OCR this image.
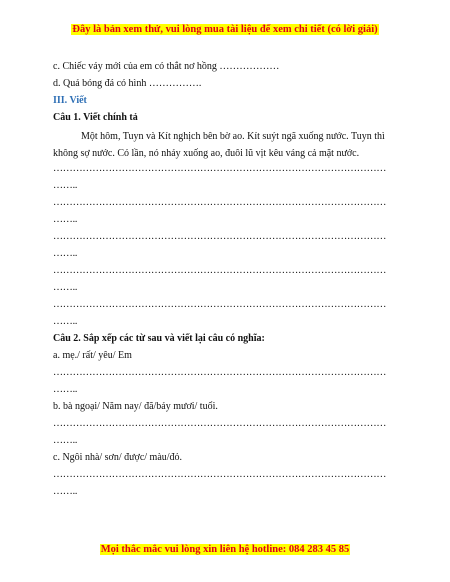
Đây là bản xem thử, vui lòng mua tài liệu để xem chi tiết (có lời giải)
c. Chiếc váy mới của em có thắt nơ hồng ………………
d. Quả bóng đá có hình …………….
III. Viết
Câu 1. Viết chính tả

Một hôm, Tuyn và Kít nghịch bên bờ ao. Kít suýt ngã xuống nước. Tuyn thì không sợ nước. Có lần, nó nhảy xuống ao, đuôi lũ vịt kêu váng cả mặt nước.

…………………………………………………………………………………………
……..
…………………………………………………………………………………………
……..
…………………………………………………………………………………………
……..
…………………………………………………………………………………………
……..
…………………………………………………………………………………………
……..
Câu 2. Sắp xếp các từ sau và viết lại câu có nghĩa:
a. mẹ./ rất/ yêu/ Em
…………………………………………………………………………………………
……..
b. bà ngoại/ Năm nay/ đã/bảy mươi/ tuổi.
…………………………………………………………………………………………
……..
c. Ngôi nhà/ sơn/ được/ màu/đỏ.
…………………………………………………………………………………………
……..
Mọi thắc mắc vui lòng xin liên hệ hotline: 084 283 45 85
